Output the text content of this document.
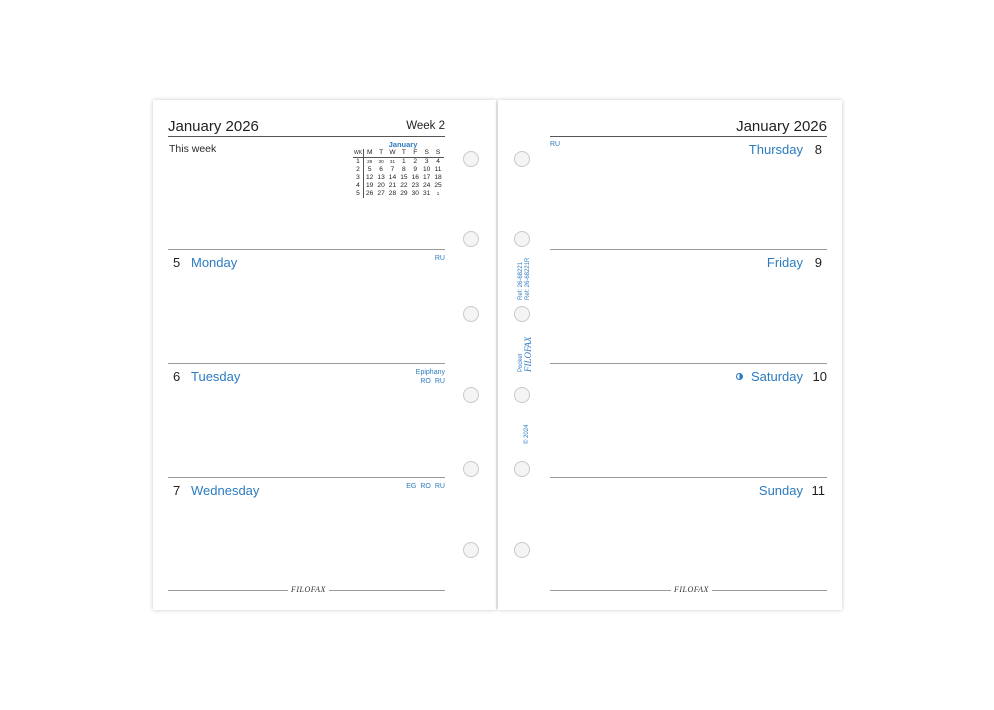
January 2026	Week 2
This week	January
WK	M	T	W	T	F	S	S
1	29	30	31	1	2	3	4
2	5	6	7	8	9	10	11
3	12	13	14	15	16	17	18
4	19	20	21	22	23	24	25
5	26	27	28	29	30	31	1
5 Monday	RU
6 Tuesday	Epiphany
RO RU
7 Wednesday	EG RO RU
FILOFAX
Ref: 26-68221 Ref: 26-68221R
Pocket
FILOFAX
© 2024
January 2026
RU	Thursday 8
Friday 9
Saturday 10
Sunday 11
FILOFAX
